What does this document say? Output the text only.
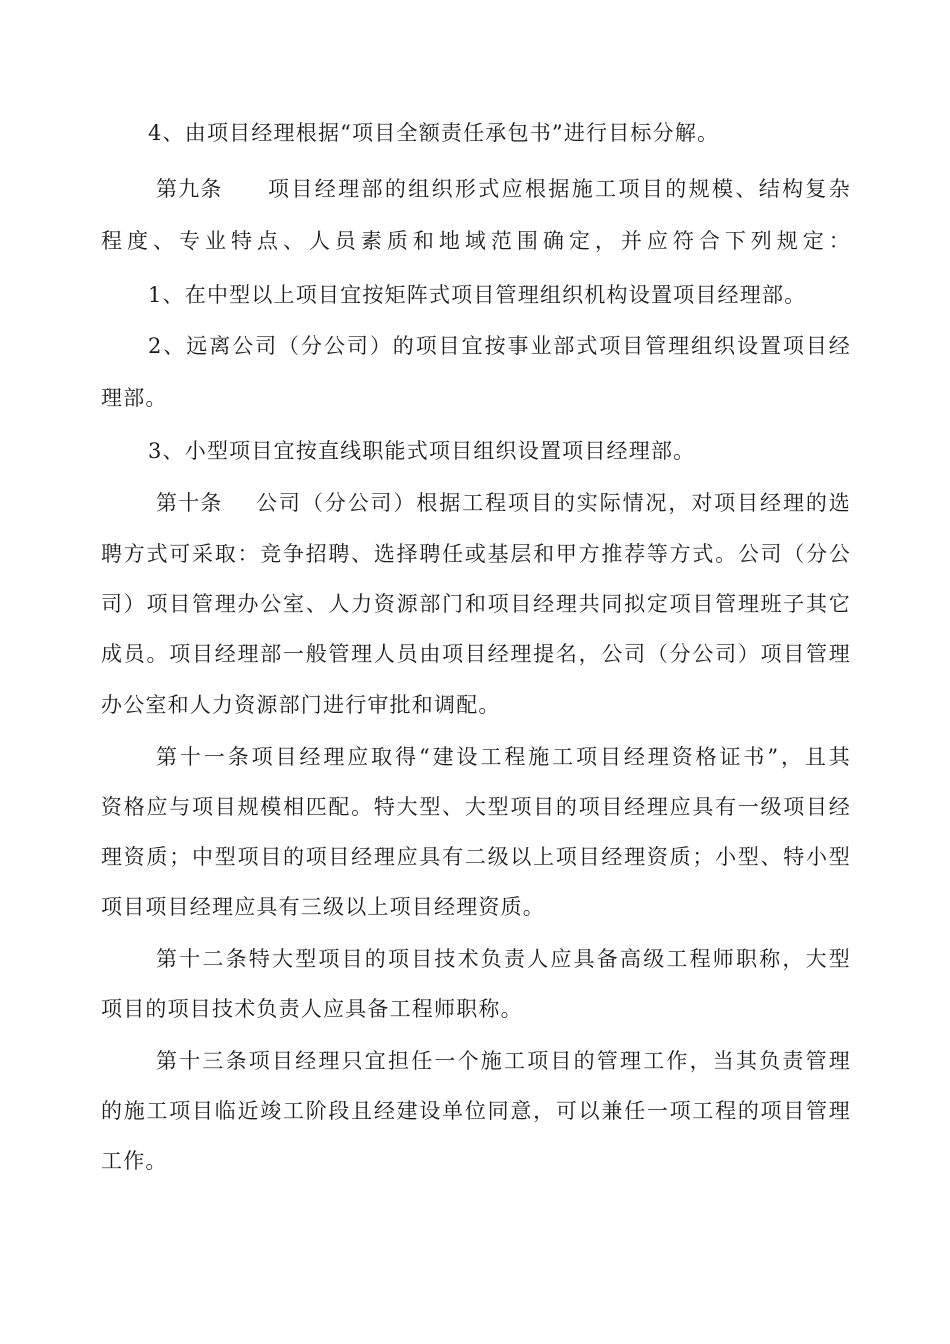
4、由项目经理根据“项目全额责任承包书”进行目标分解。
第九条 项目经理部的组织形式应根据施工项目的规模、结构复杂
程度、专业特点、人员素质和地域范围确定，并应符合下列规定：
1、在中型以上项目宜按矩阵式项目管理组织机构设置项目经理部。
2、远离公司（分公司）的项目宜按事业部式项目管理组织设置项目经
理部。
3、小型项目宜按直线职能式项目组织设置项目经理部。
第十条 公司（分公司）根据工程项目的实际情况，对项目经理的选
聘方式可采取：竞争招聘、选择聘任或基层和甲方推荐等方式。公司（分公
司）项目管理办公室、人力资源部门和项目经理共同拟定项目管理班子其它
成员。项目经理部一般管理人员由项目经理提名，公司（分公司）项目管理
办公室和人力资源部门进行审批和调配。
第十一条项目经理应取得“建设工程施工项目经理资格证书”，且其
资格应与项目规模相匹配。特大型、大型项目的项目经理应具有一级项目经
理资质；中型项目的项目经理应具有二级以上项目经理资质；小型、特小型
项目项目经理应具有三级以上项目经理资质。
第十二条特大型项目的项目技术负责人应具备高级工程师职称，大型
项目的项目技术负责人应具备工程师职称。
第十三条项目经理只宜担任一个施工项目的管理工作，当其负责管理
的施工项目临近竣工阶段且经建设单位同意，可以兼任一项工程的项目管理
工作。
